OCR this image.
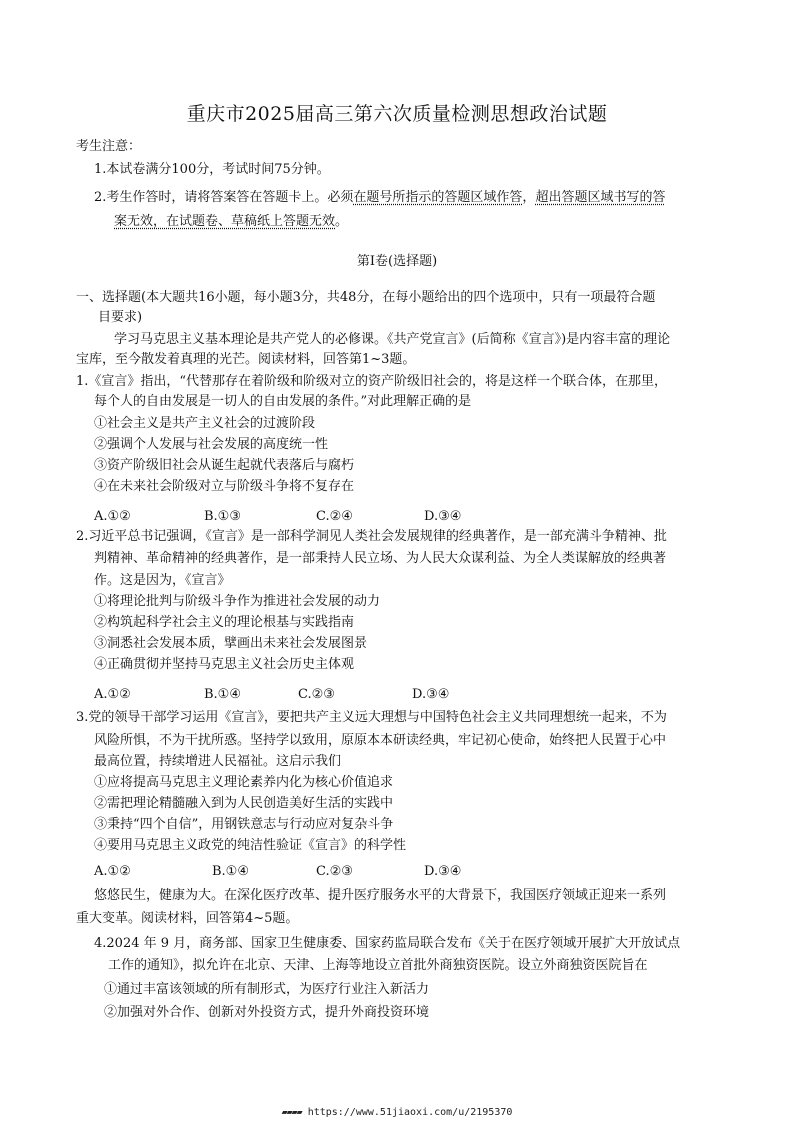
重庆市2025届高三第六次质量检测思想政治试题
考生注意：
1.本试卷满分100分，考试时间75分钟。
2.考生作答时，请将答案答在答题卡上。必须在题号所指示的答题区域作答，超出答题区域书写的答
案无效，在试题卷、草稿纸上答题无效。
第Ⅰ卷(选择题)
一、选择题(本大题共16小题，每小题3分，共48分，在每小题给出的四个选项中，只有一项最符合题
目要求)
学习马克思主义基本理论是共产党人的必修课。《共产党宣言》(后简称《宣言》)是内容丰富的理论
宝库，至今散发着真理的光芒。阅读材料，回答第1~3题。
1.《宣言》指出，“代替那存在着阶级和阶级对立的资产阶级旧社会的，将是这样一个联合体，在那里，
每个人的自由发展是一切人的自由发展的条件。”对此理解正确的是
①社会主义是共产主义社会的过渡阶段
②强调个人发展与社会发展的高度统一性
③资产阶级旧社会从诞生起就代表落后与腐朽
④在未来社会阶级对立与阶级斗争将不复存在
A.①②	B.①③	C.②④	D.③④
2.习近平总书记强调，《宣言》是一部科学洞见人类社会发展规律的经典著作，是一部充满斗争精神、批
判精神、革命精神的经典著作，是一部秉持人民立场、为人民大众谋利益、为全人类谋解放的经典著
作。这是因为，《宣言》
①将理论批判与阶级斗争作为推进社会发展的动力
②构筑起科学社会主义的理论根基与实践指南
③洞悉社会发展本质，擘画出未来社会发展图景
④正确贯彻并坚持马克思主义社会历史主体观
A.①②	B.①④	C.②③	D.③④
3.党的领导干部学习运用《宣言》，要把共产主义远大理想与中国特色社会主义共同理想统一起来，不为
风险所惧，不为干扰所惑。坚持学以致用，原原本本研读经典，牢记初心使命，始终把人民置于心中
最高位置，持续增进人民福祉。这启示我们
①应将提高马克思主义理论素养内化为核心价值追求
②需把理论精髓融入到为人民创造美好生活的实践中
③秉持“四个自信”，用钢铁意志与行动应对复杂斗争
④要用马克思主义政党的纯洁性验证《宣言》的科学性
A.①②	B.①④	C.②③	D.③④
悠悠民生，健康为大。在深化医疗改革、提升医疗服务水平的大背景下，我国医疗领域正迎来一系列
重大变革。阅读材料，回答第4~5题。
4.2024 年 9 月，商务部、国家卫生健康委、国家药监局联合发布《关于在医疗领域开展扩大开放试点
工作的通知》，拟允许在北京、天津、上海等地设立首批外商独资医院。设立外商独资医院旨在
①通过丰富该领域的所有制形式，为医疗行业注入新活力
②加强对外合作、创新对外投资方式，提升外商投资环境
▰▰▰▰ https://www.51jiaoxi.com/u/2195370
